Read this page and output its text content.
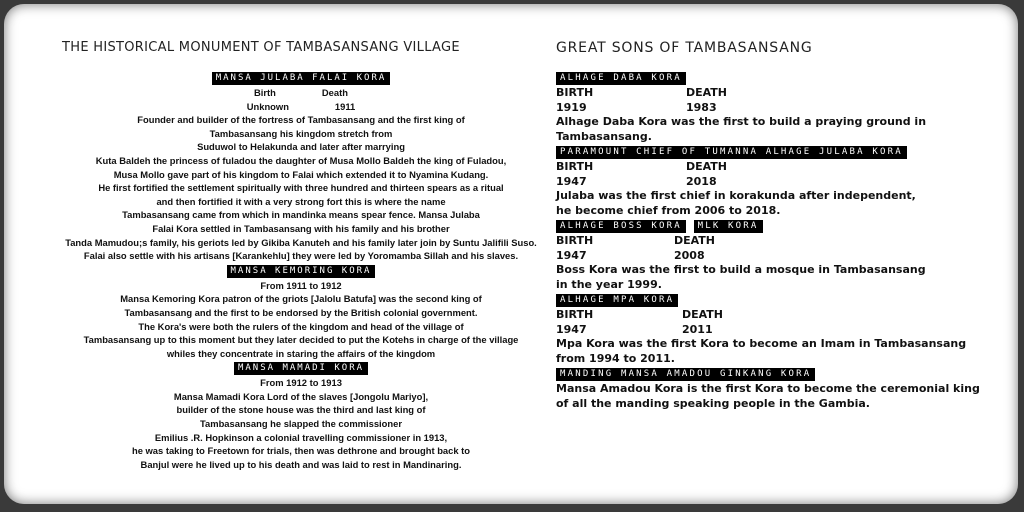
THE HISTORICAL MONUMENT OF TAMBASANSANG VILLAGE	GREAT SONS OF TAMBASANSANG
MANSA JULABA FALAI KORA
Birth	Death
Unknown	1911
Founder and builder of the fortress of Tambasansang and the first king of
Tambasansang his kingdom stretch from
Suduwol to Helakunda and later after marrying
Kuta Baldeh the princess of fuladou the daughter of Musa Mollo Baldeh the king of Fuladou,
Musa Mollo gave part of his kingdom to Falai which extended it to Nyamina Kudang.
He first fortified the settlement spiritually with three hundred and thirteen spears as a ritual
and then fortified it with a very strong fort this is where the name
Tambasansang came from which in mandinka means spear fence. Mansa Julaba
Falai Kora settled in Tambasansang with his family and his brother
Tanda Mamudou;s family, his geriots led by Gikiba Kanuteh and his family later join by Suntu Jalifili Suso.
Falai also settle with his artisans [Karankehlu] they were led by Yoromamba Sillah and his slaves.
MANSA KEMORING KORA
From 1911 to 1912
Mansa Kemoring Kora patron of the griots [Jalolu Batufa] was the second king of
Tambasansang and the first to be endorsed by the British colonial government.
The Kora's were both the rulers of the kingdom and head of the village of
Tambasansang up to this moment but they later decided to put the Kotehs in charge of the village
whiles they concentrate in staring the affairs of the kingdom
MANSA MAMADI KORA
From 1912 to 1913
Mansa Mamadi Kora Lord of the slaves [Jongolu Mariyo],
builder of the stone house was the third and last king of
Tambasansang he slapped the commissioner
Emilius .R. Hopkinson a colonial travelling commissioner in 1913,
he was taking to Freetown for trials, then was dethrone and brought back to
Banjul were he lived up to his death and was laid to rest in Mandinaring.
ALHAGE DABA KORA
BIRTH	DEATH
1919	1983
Alhage Daba Kora was the first to build a praying ground in
Tambasansang.
PARAMOUNT CHIEF OF TUMANNA ALHAGE JULABA KORA
BIRTH	DEATH
1947	2018
Julaba was the first chief in korakunda after independent,
he become chief from 2006 to 2018.
ALHAGE BOSS KORA MLK KORA
BIRTH	DEATH
1947	2008
Boss Kora was the first to build a mosque in Tambasansang
in the year 1999.
ALHAGE MPA KORA
BIRTH	DEATH
1947	2011
Mpa Kora was the first Kora to become an Imam in Tambasansang
from 1994 to 2011.
MANDING MANSA AMADOU GINKANG KORA
Mansa Amadou Kora is the first Kora to become the ceremonial king
of all the manding speaking people in the Gambia.
